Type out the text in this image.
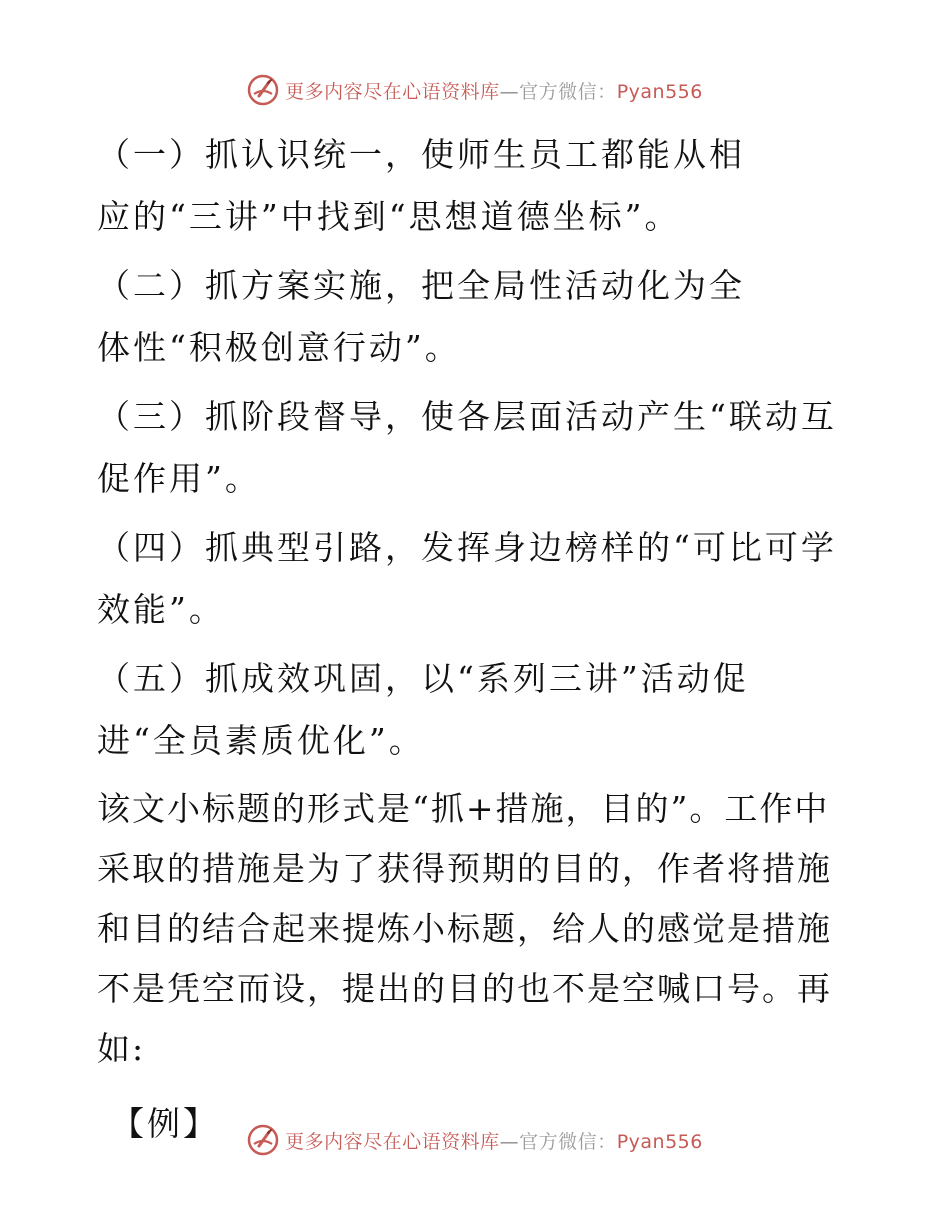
更多内容尽在心语资料库—官方微信：Pyan556

（一）抓认识统一，使师生员工都能从相应的“三讲”中找到“思想道德坐标”。

（二）抓方案实施，把全局性活动化为全体性“积极创意行动”。

（三）抓阶段督导，使各层面活动产生“联动互促作用”。

（四）抓典型引路，发挥身边榜样的“可比可学效能”。

（五）抓成效巩固，以“系列三讲”活动促进“全员素质优化”。

该文小标题的形式是“抓+措施，目的”。工作中采取的措施是为了获得预期的目的，作者将措施和目的结合起来提炼小标题，给人的感觉是措施不是凭空而设，提出的目的也不是空喊口号。再如:

【例】	更多内容尽在心语资料库—官方微信：Pyan556
